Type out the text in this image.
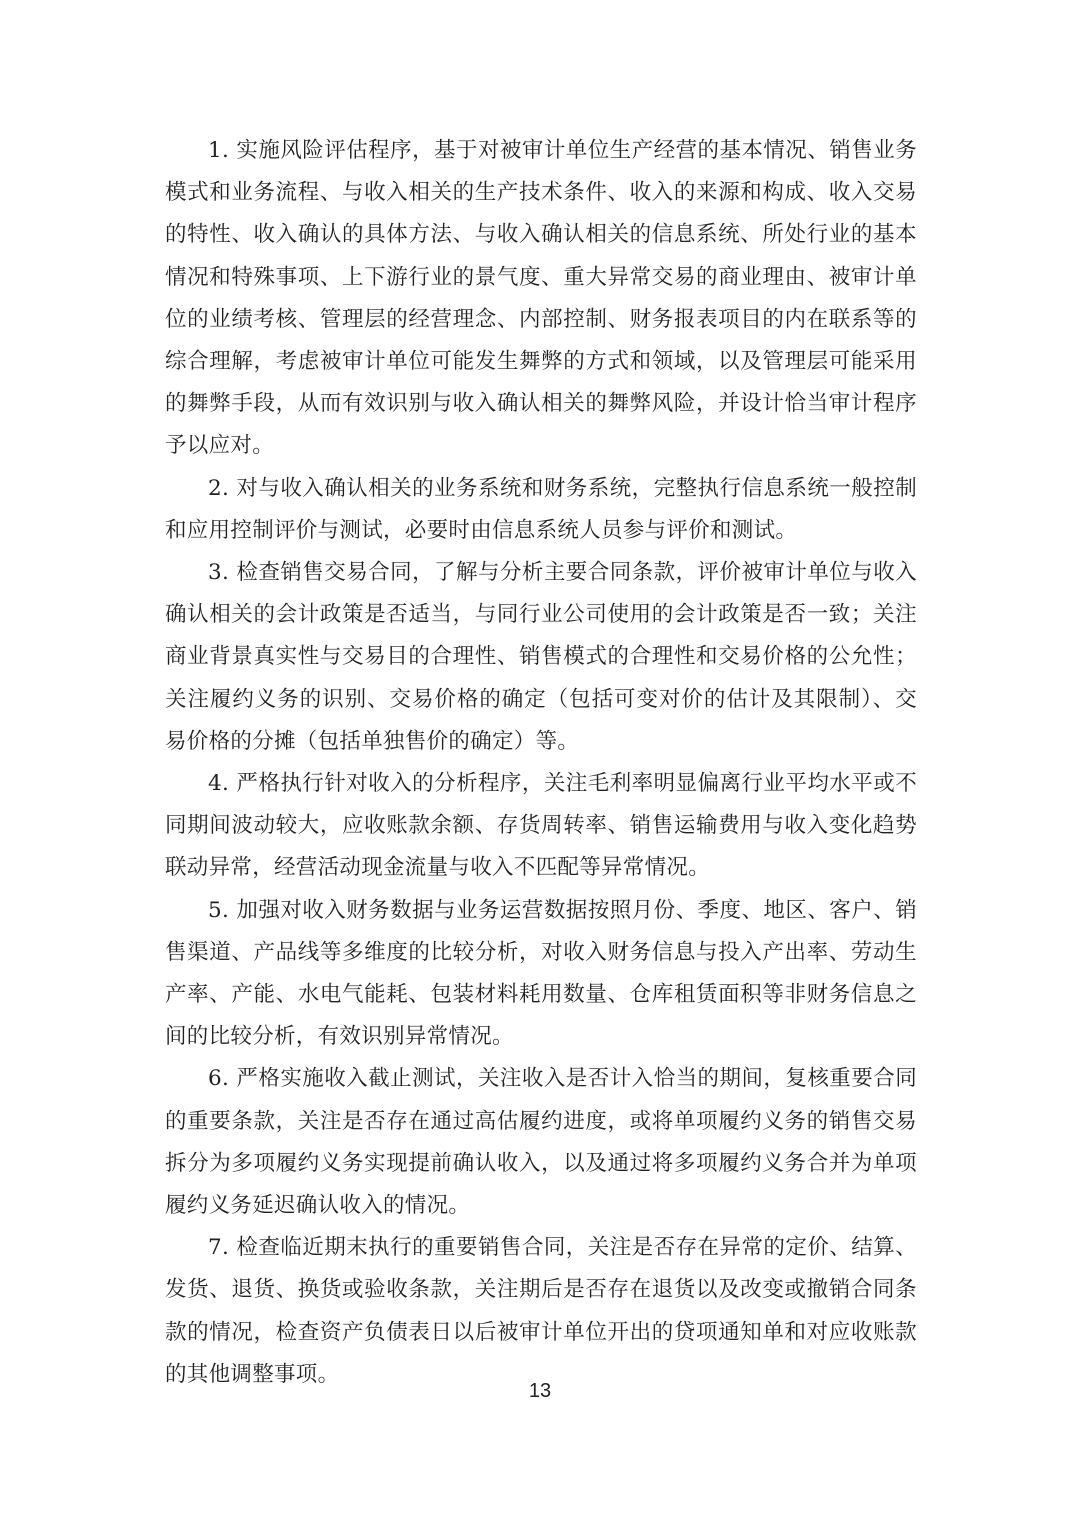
1. 实施风险评估程序，基于对被审计单位生产经营的基本情况、销售业务模式和业务流程、与收入相关的生产技术条件、收入的来源和构成、收入交易的特性、收入确认的具体方法、与收入确认相关的信息系统、所处行业的基本情况和特殊事项、上下游行业的景气度、重大异常交易的商业理由、被审计单位的业绩考核、管理层的经营理念、内部控制、财务报表项目的内在联系等的综合理解，考虑被审计单位可能发生舞弊的方式和领域，以及管理层可能采用的舞弊手段，从而有效识别与收入确认相关的舞弊风险，并设计恰当审计程序予以应对。

2. 对与收入确认相关的业务系统和财务系统，完整执行信息系统一般控制和应用控制评价与测试，必要时由信息系统人员参与评价和测试。

3. 检查销售交易合同，了解与分析主要合同条款，评价被审计单位与收入确认相关的会计政策是否适当，与同行业公司使用的会计政策是否一致；关注商业背景真实性与交易目的合理性、销售模式的合理性和交易价格的公允性；关注履约义务的识别、交易价格的确定（包括可变对价的估计及其限制）、交易价格的分摊（包括单独售价的确定）等。

4. 严格执行针对收入的分析程序，关注毛利率明显偏离行业平均水平或不同期间波动较大，应收账款余额、存货周转率、销售运输费用与收入变化趋势联动异常，经营活动现金流量与收入不匹配等异常情况。

5. 加强对收入财务数据与业务运营数据按照月份、季度、地区、客户、销售渠道、产品线等多维度的比较分析，对收入财务信息与投入产出率、劳动生产率、产能、水电气能耗、包装材料耗用数量、仓库租赁面积等非财务信息之间的比较分析，有效识别异常情况。

6. 严格实施收入截止测试，关注收入是否计入恰当的期间，复核重要合同的重要条款，关注是否存在通过高估履约进度，或将单项履约义务的销售交易拆分为多项履约义务实现提前确认收入，以及通过将多项履约义务合并为单项履约义务延迟确认收入的情况。

7. 检查临近期末执行的重要销售合同，关注是否存在异常的定价、结算、发货、退货、换货或验收条款，关注期后是否存在退货以及改变或撤销合同条款的情况，检查资产负债表日以后被审计单位开出的贷项通知单和对应收账款的其他调整事项。

13
